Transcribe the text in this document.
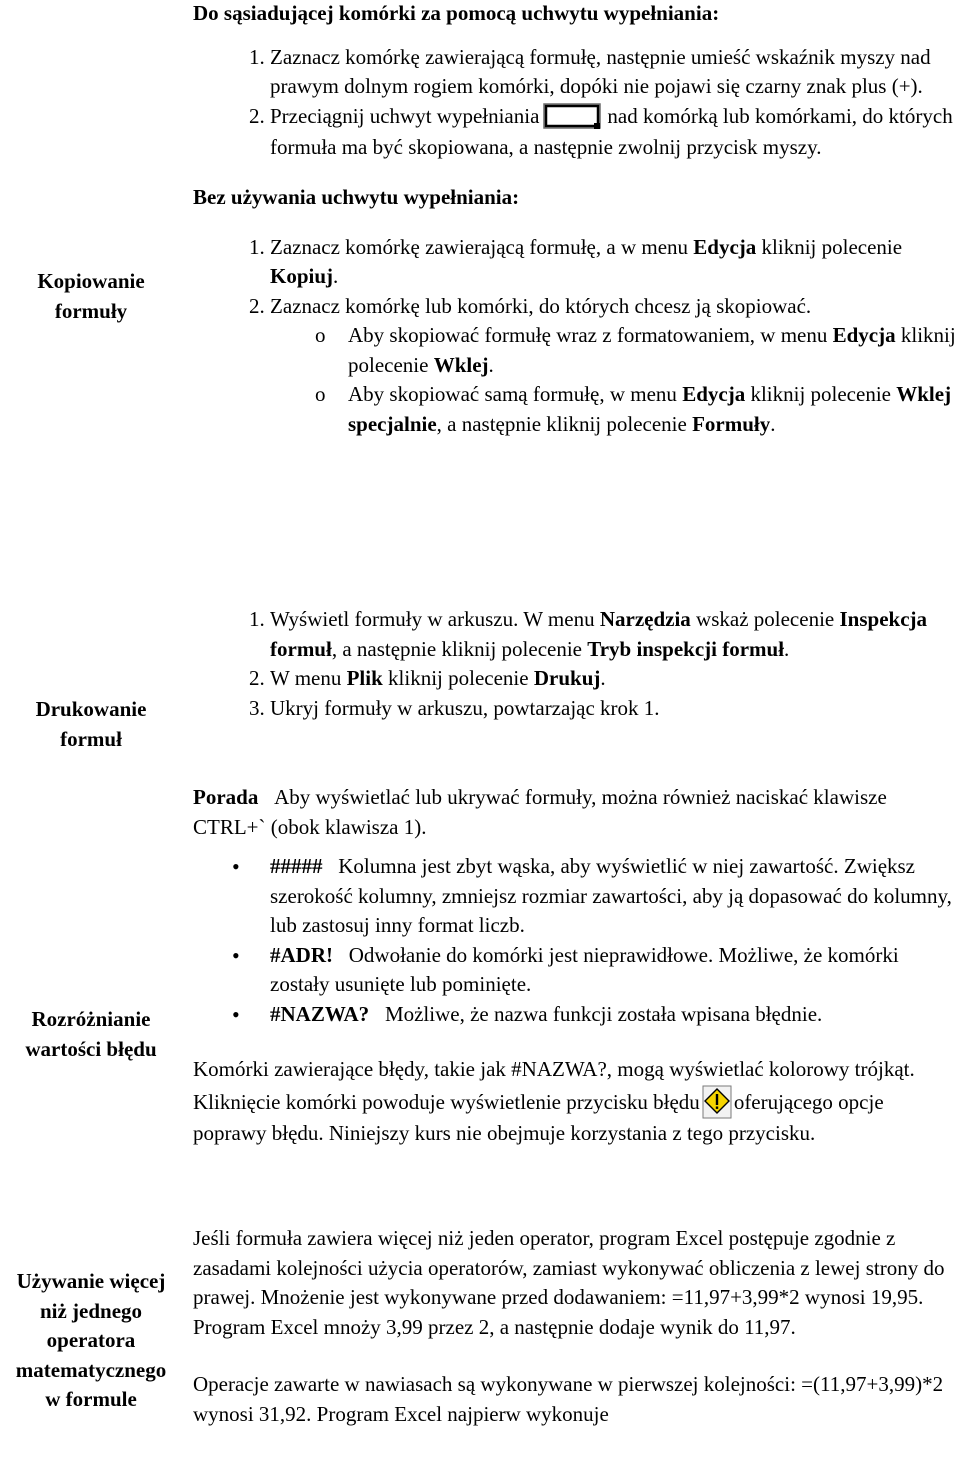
Kopiowanie
formuły

Do sąsiadującej komórki za pomocą uchwytu wypełniania:

1. Zaznacz komórkę zawierającą formułę, następnie umieść wskaźnik myszy nad prawym dolnym rogiem komórki, dopóki nie pojawi się czarny znak plus (+).
2. Przeciągnij uchwyt wypełniania	nad komórką lub komórkami, do których formuła ma być skopiowana, a następnie zwolnij przycisk myszy.

Bez używania uchwytu wypełniania:

1. Zaznacz komórkę zawierającą formułę, a w menu Edycja kliknij polecenie Kopiuj.
2. Zaznacz komórkę lub komórki, do których chcesz ją skopiować.
o Aby skopiować formułę wraz z formatowaniem, w menu Edycja kliknij polecenie Wklej.
o Aby skopiować samą formułę, w menu Edycja kliknij polecenie Wklej specjalnie, a następnie kliknij polecenie Formuły.
Drukowanie
formuł
1. Wyświetl formuły w arkuszu. W menu Narzędzia wskaż polecenie Inspekcja formuł, a następnie kliknij polecenie Tryb inspekcji formuł.
2. W menu Plik kliknij polecenie Drukuj.
3. Ukryj formuły w arkuszu, powtarzając krok 1.
Rozróżnianie
wartości błędu

Porada Aby wyświetlać lub ukrywać formuły, można również naciskać klawisze CTRL+` (obok klawisza 1).

• ##### Kolumna jest zbyt wąska, aby wyświetlić w niej zawartość. Zwiększ szerokość kolumny, zmniejsz rozmiar zawartości, aby ją dopasować do kolumny, lub zastosuj inny format liczb.
• #ADR! Odwołanie do komórki jest nieprawidłowe. Możliwe, że komórki zostały usunięte lub pominięte.
• #NAZWA? Możliwe, że nazwa funkcji została wpisana błędnie.

Komórki zawierające błędy, takie jak #NAZWA?, mogą wyświetlać kolorowy trójkąt. Kliknięcie komórki powoduje wyświetlenie przycisku błędu oferującego opcje poprawy błędu. Niniejszy kurs nie obejmuje korzystania z tego przycisku.

Używanie więcej
niż jednego
operatora
matematycznego
w formule

Jeśli formuła zawiera więcej niż jeden operator, program Excel postępuje zgodnie z zasadami kolejności użycia operatorów, zamiast wykonywać obliczenia z lewej strony do prawej. Mnożenie jest wykonywane przed dodawaniem: =11,97+3,99*2 wynosi 19,95. Program Excel mnoży 3,99 przez 2, a następnie dodaje wynik do 11,97.

Operacje zawarte w nawiasach są wykonywane w pierwszej kolejności: =(11,97+3,99)*2 wynosi 31,92. Program Excel najpierw wykonuje
